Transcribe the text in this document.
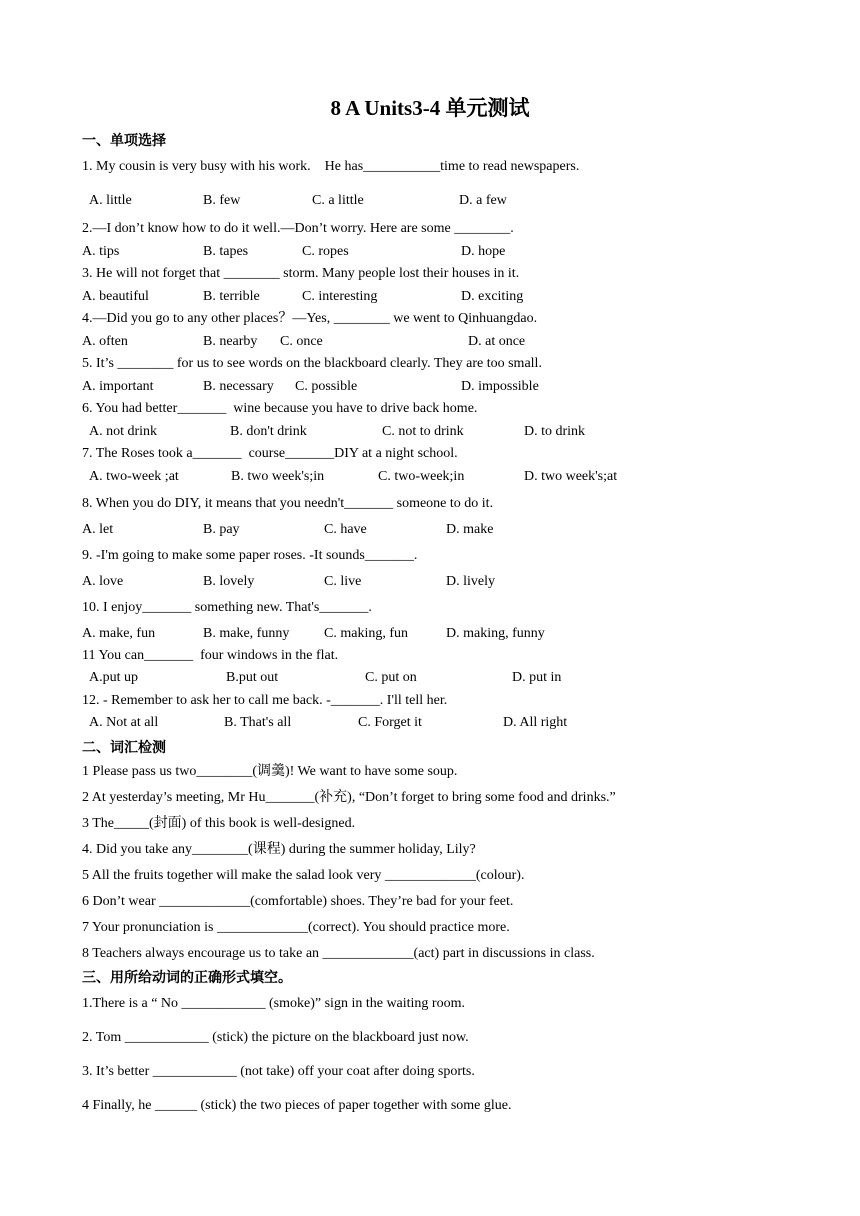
8 A Units3-4 单元测试
一、单项选择
1. My cousin is very busy with his work.    He has___________time to read newspapers.
A. little	B. few	C. a little	D. a few
2.—I don’t know how to do it well.—Don’t worry. Here are some ________.
A. tips	B. tapes	C. ropes	D. hope
3. He will not forget that ________ storm. Many people lost their houses in it.
A. beautiful	B. terrible	C. interesting	D. exciting
4.—Did you go to any other places？—Yes, ________ we went to Qinhuangdao.
A. often	B. nearby C. once	D. at once
5. It’s ________ for us to see words on the blackboard clearly. They are too small.
A. important	B. necessary C. possible	D. impossible
6. You had better_______  wine because you have to drive back home.
A. not drink	B. don't drink	C. not to drink	D. to drink
7. The Roses took a_______  course_______DIY at a night school.
A. two-week ;at	B. two week's;in	C. two-week;in	D. two week's;at
8. When you do DIY, it means that you needn't_______ someone to do it.
A. let	B. pay	C. have	D. make
9. -I'm going to make some paper roses. -It sounds_______.
A. love	B. lovely	C. live	D. lively
10. I enjoy_______ something new. That's_______.
A. make, fun	B. make, funny C. making, fun	D. making, funny
11 You can_______  four windows in the flat.
A.put up	B.put out	C. put on	D. put in
12. - Remember to ask her to call me back. -_______. I'll tell her.
A. Not at all	B. That's all	C. Forget it	D. All right
二、词汇检测
1 Please pass us two________(调羹)! We want to have some soup.
2 At yesterday’s meeting, Mr Hu_______(补充), “Don’t forget to bring some food and drinks.”
3 The_____(封面) of this book is well-designed.
4. Did you take any________(课程) during the summer holiday, Lily?
5 All the fruits together will make the salad look very _____________(colour).
6 Don’t wear _____________(comfortable) shoes. They’re bad for your feet.
7 Your pronunciation is _____________(correct). You should practice more.
8 Teachers always encourage us to take an _____________(act) part in discussions in class.
三、用所给动词的正确形式填空。
1.There is a “ No ____________ (smoke)” sign in the waiting room.
2. Tom ____________ (stick) the picture on the blackboard just now.
3. It’s better ____________ (not take) off your coat after doing sports.
4 Finally, he ______ (stick) the two pieces of paper together with some glue.
